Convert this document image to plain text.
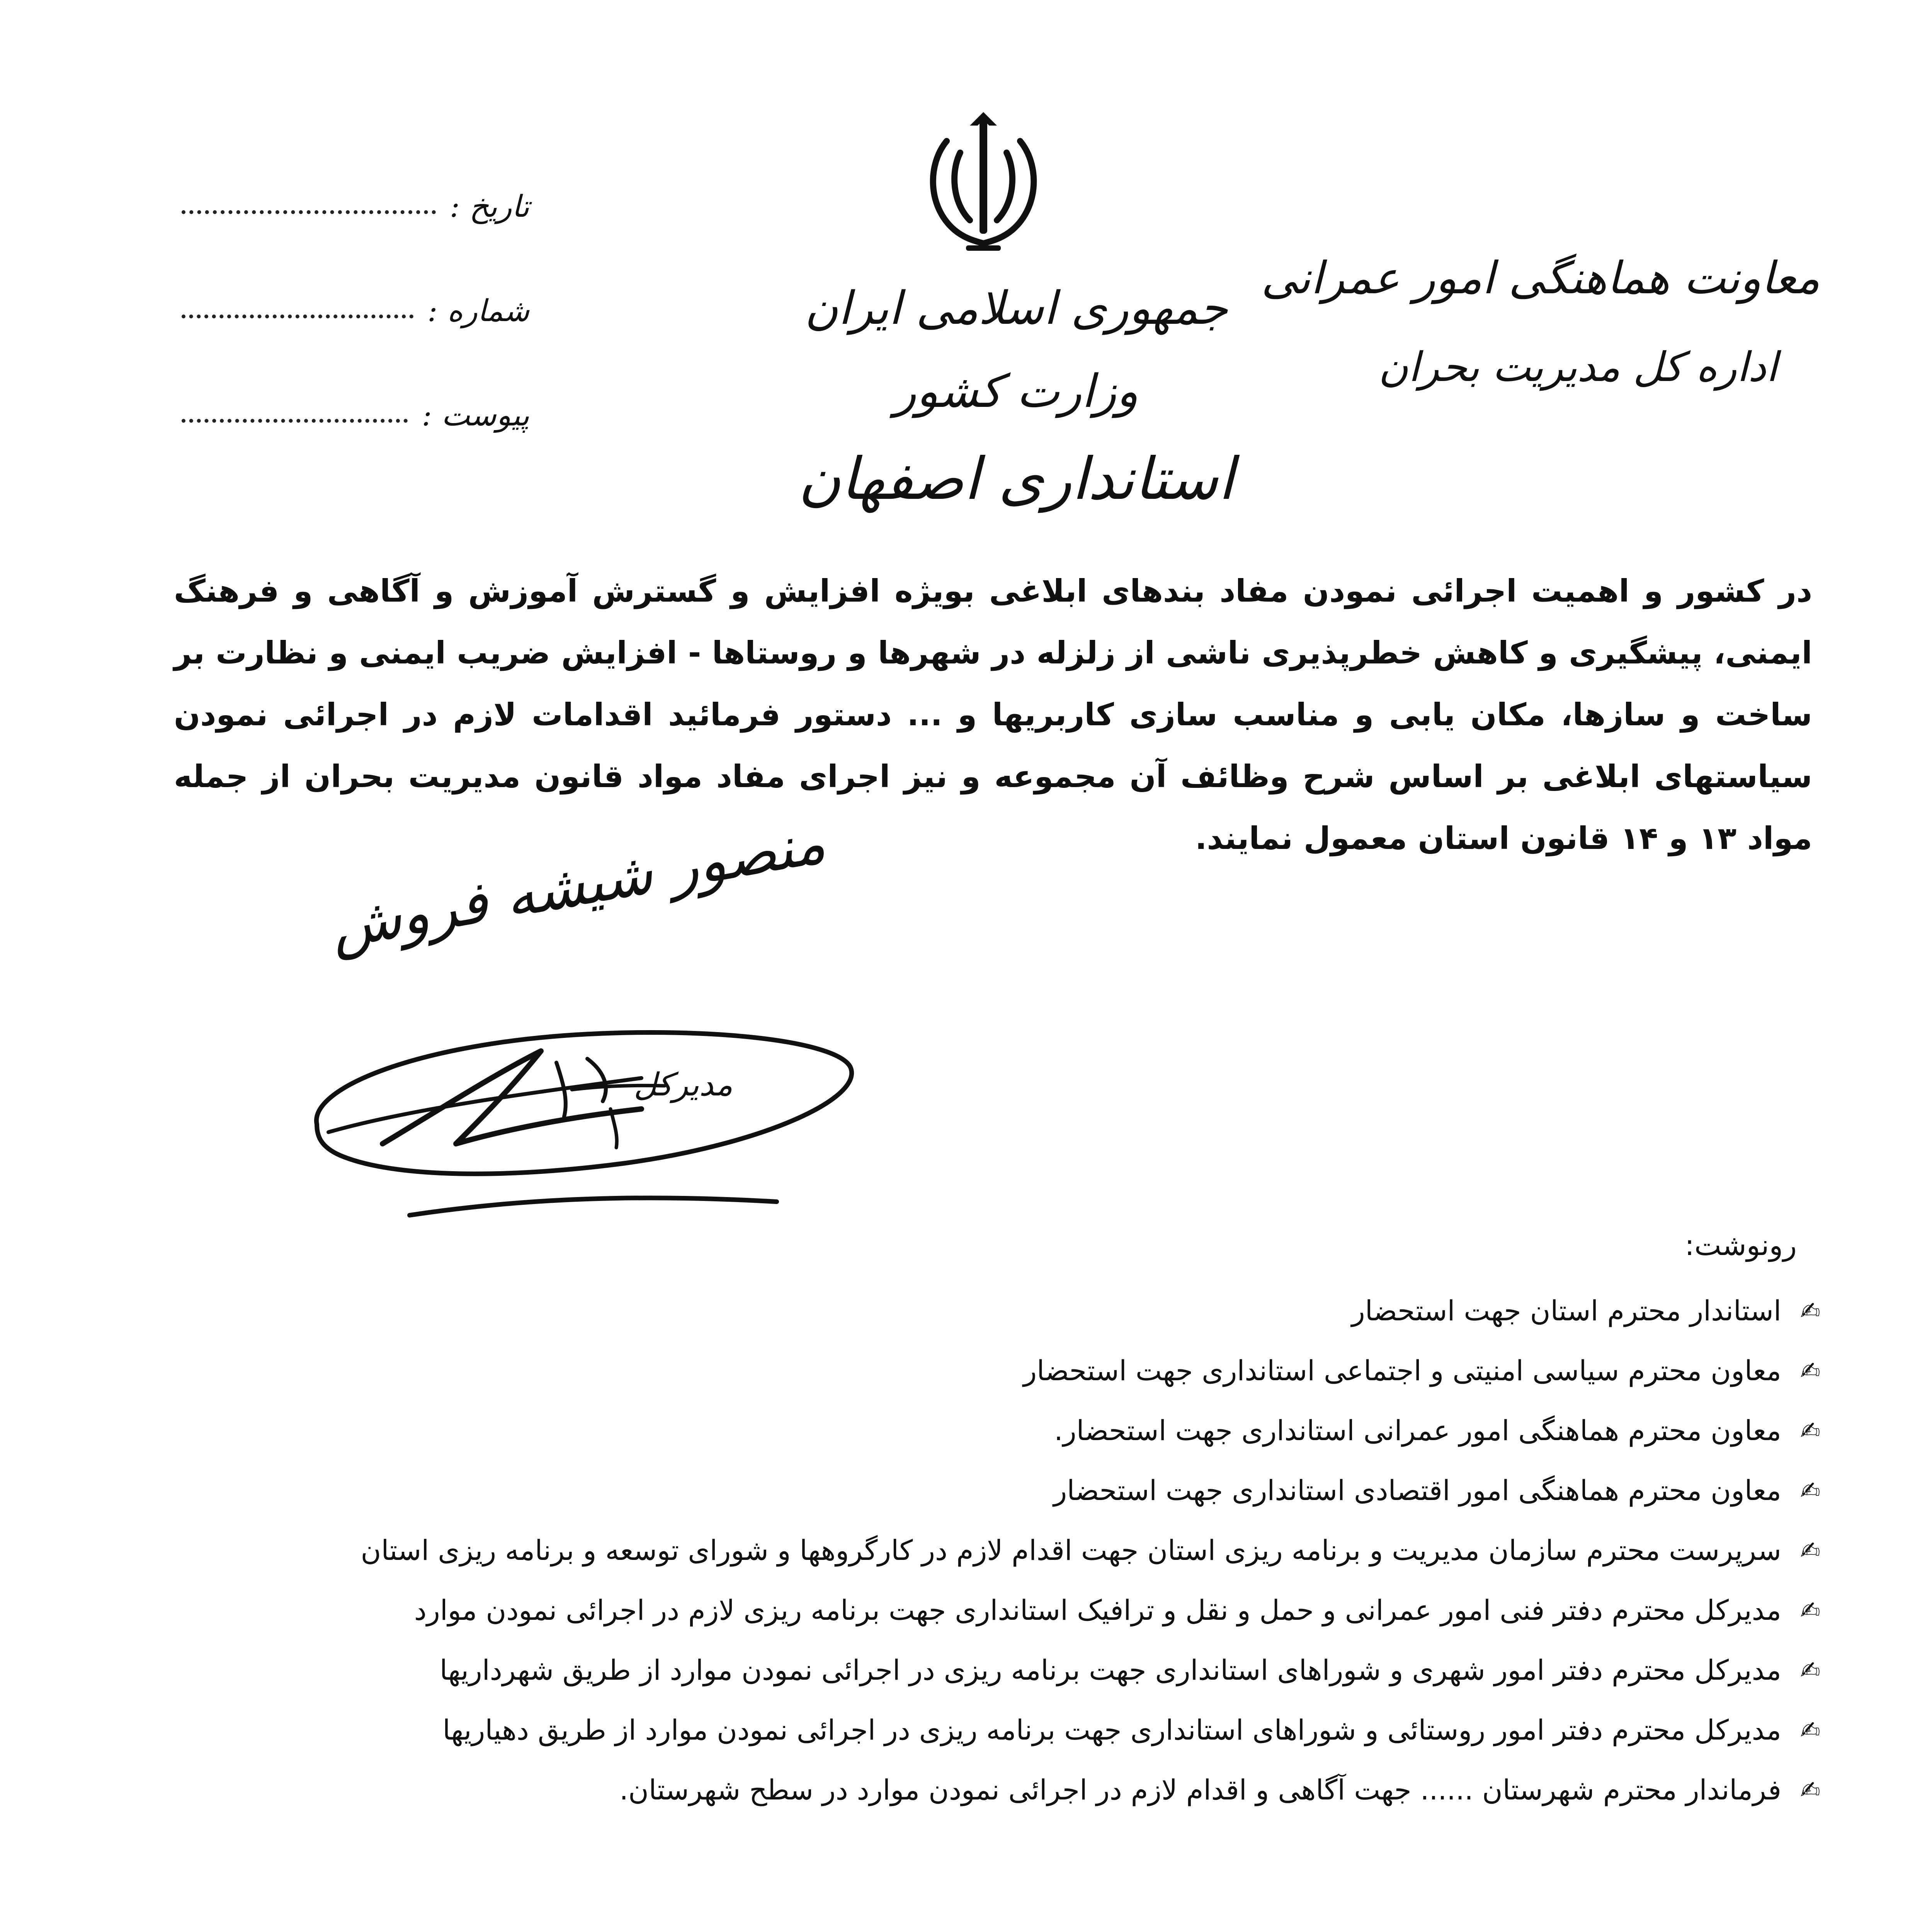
تاریخ :
شماره :
پیوست :
جمهوری اسلامی ایران
وزارت کشور
استانداری اصفهان
معاونت هماهنگی امور عمرانی
اداره کل مدیریت بحران
در کشور و اهمیت اجرائی نمودن مفاد بندهای ابلاغی بویژه افزایش و گسترش آموزش و آگاهی و فرهنگ ایمنی، پیشگیری و کاهش خطرپذیری ناشی از زلزله در شهرها و روستاها - افزایش ضریب ایمنی و نظارت بر ساخت و سازها، مکان یابی و مناسب سازی کاربریها و ... دستور فرمائید اقدامات لازم در اجرائی نمودن سیاستهای ابلاغی بر اساس شرح وظائف آن مجموعه و نیز اجرای مفاد مواد قانون مدیریت بحران از جمله مواد ۱۳ و ۱۴ قانون استان معمول نمایند.
منصور شیشه فروش
مدیرکل
رونوشت:
✍
استاندار محترم استان جهت استحضار
✍
معاون محترم سیاسی امنیتی و اجتماعی استانداری جهت استحضار
✍
معاون محترم هماهنگی امور عمرانی استانداری جهت استحضار.
✍
معاون محترم هماهنگی امور اقتصادی استانداری جهت استحضار
✍
سرپرست محترم سازمان مدیریت و برنامه ریزی استان جهت اقدام لازم در کارگروهها و شورای توسعه و برنامه ریزی استان
✍
مدیرکل محترم دفتر فنی امور عمرانی و حمل و نقل و ترافیک استانداری جهت برنامه ریزی لازم در اجرائی نمودن موارد
✍
مدیرکل محترم دفتر امور شهری و شوراهای استانداری جهت برنامه ریزی در اجرائی نمودن موارد از طریق شهرداریها
✍
مدیرکل محترم دفتر امور روستائی و شوراهای استانداری جهت برنامه ریزی در اجرائی نمودن موارد از طریق دهیاریها
✍
فرماندار محترم شهرستان ...... جهت آگاهی و اقدام لازم در اجرائی نمودن موارد در سطح شهرستان.
